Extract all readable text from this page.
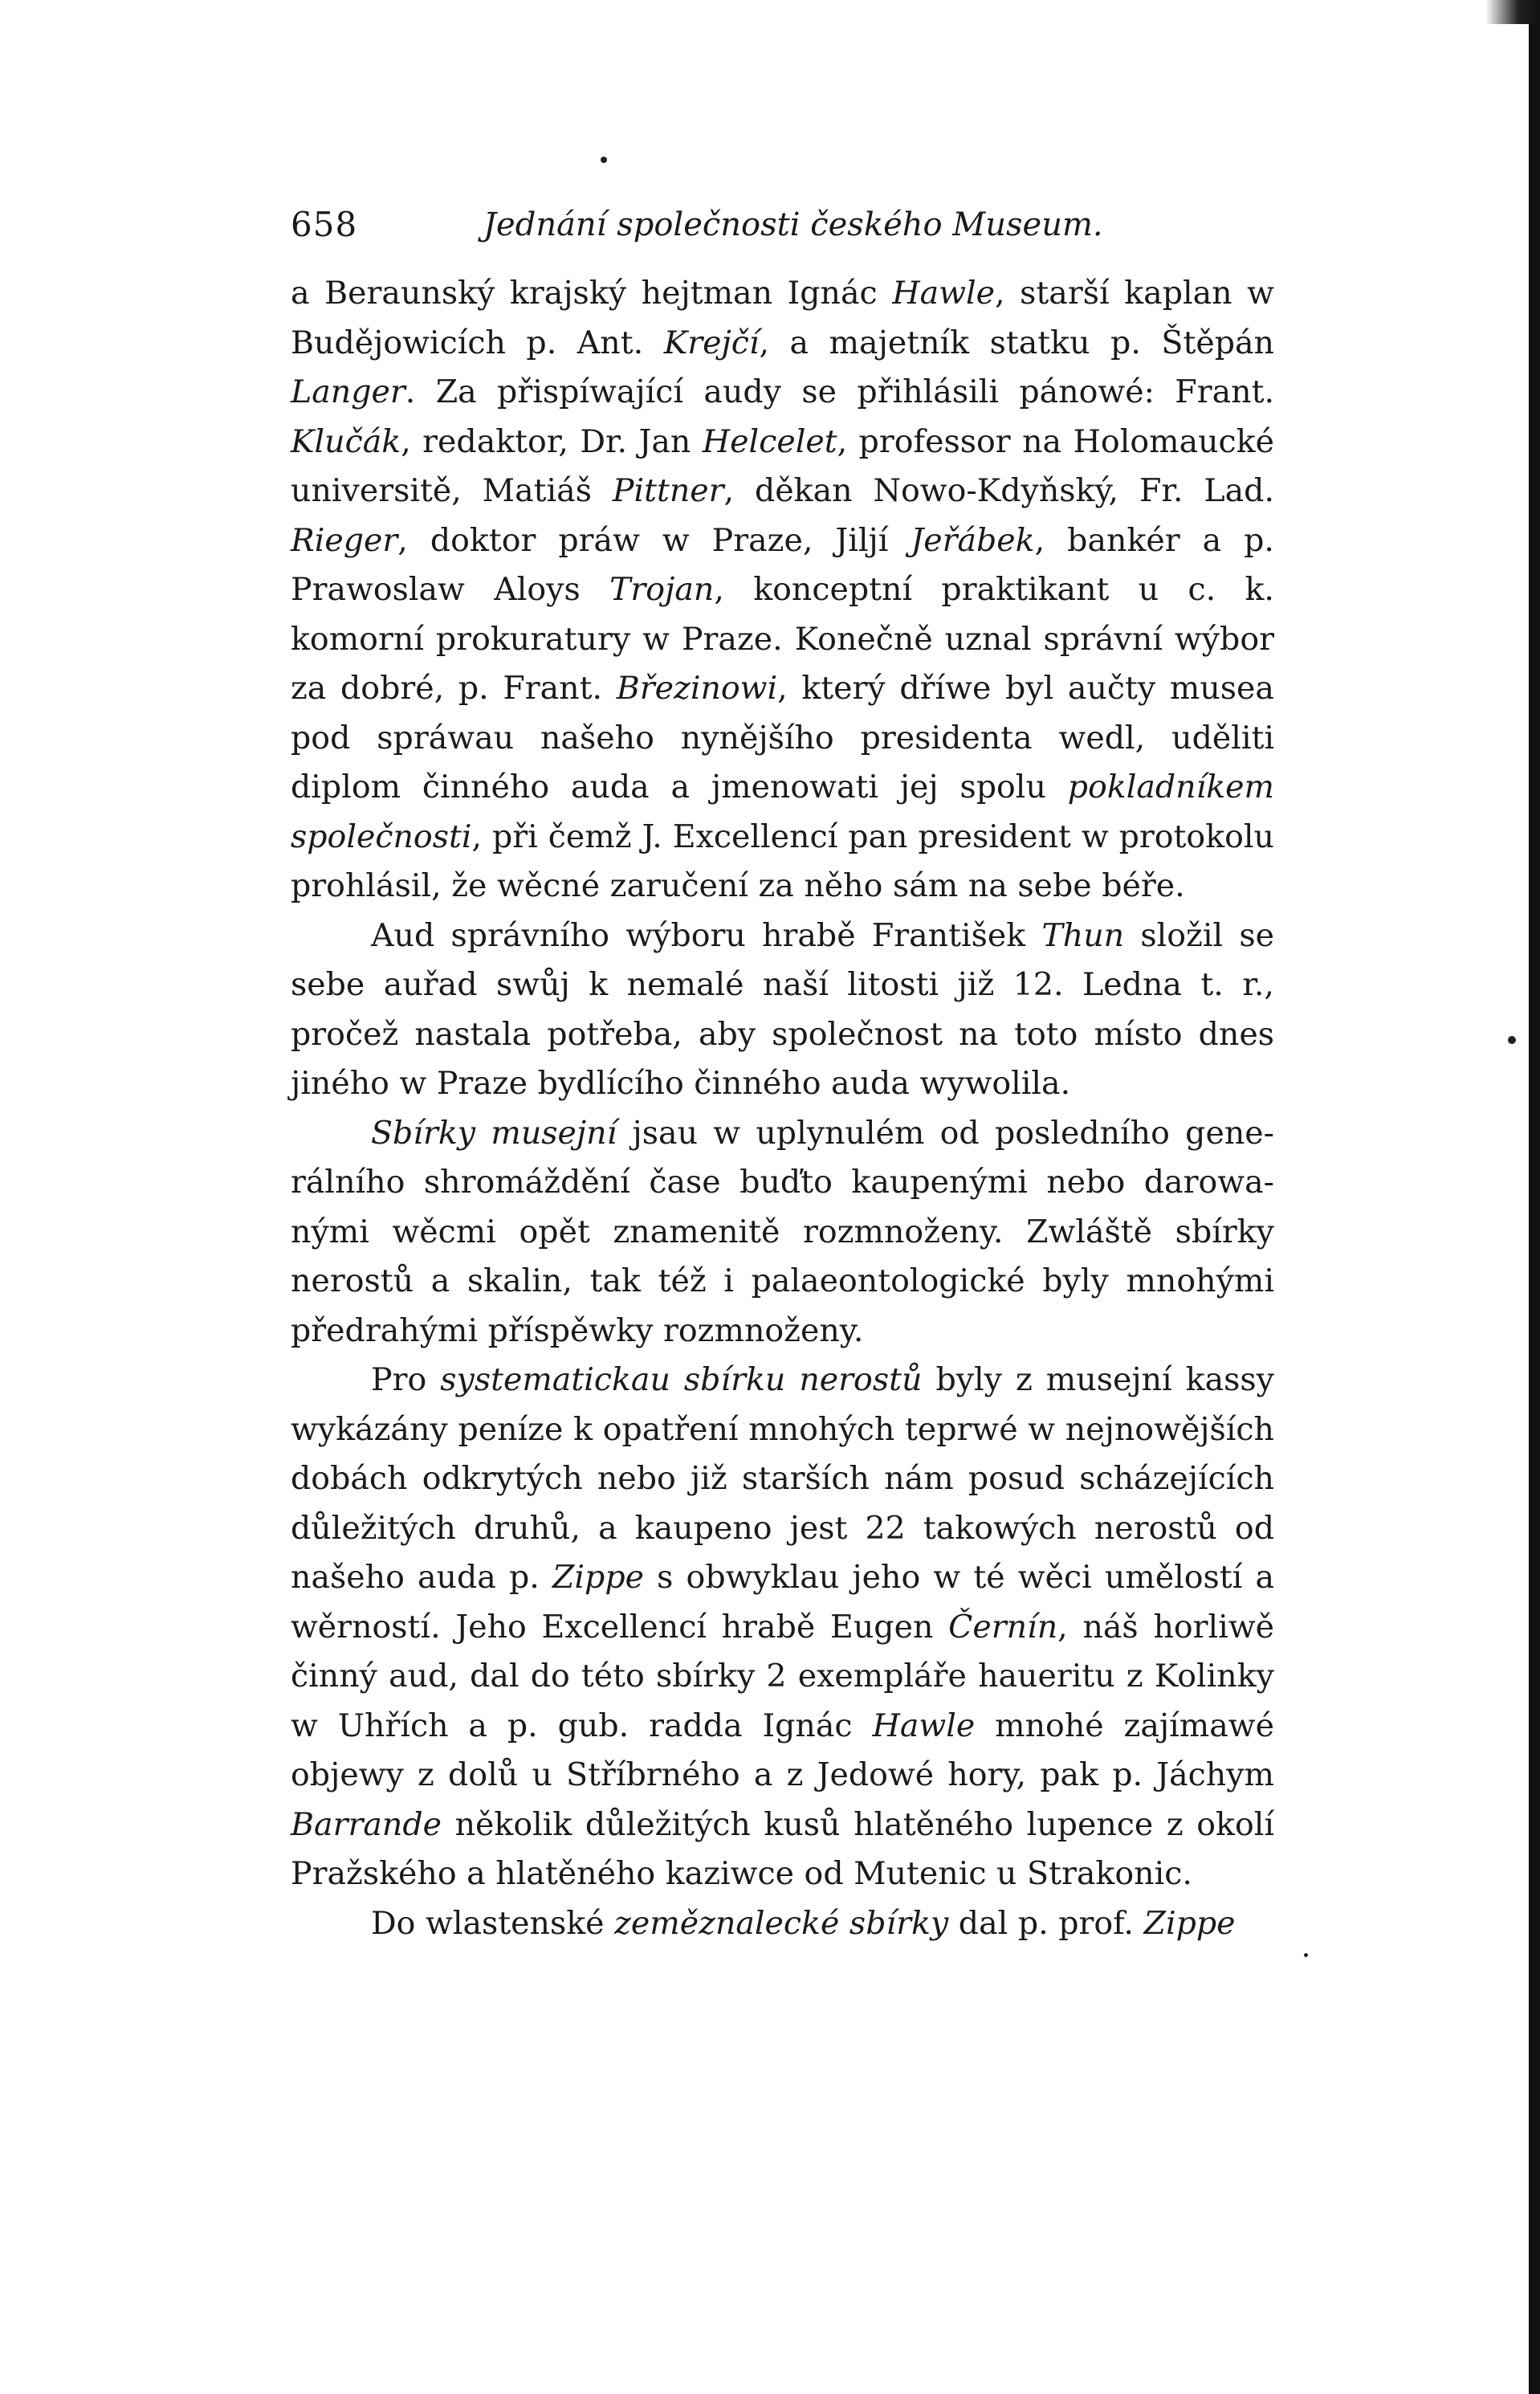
658	Jednání společnosti českého Museum.

a Beraunský krajský hejtman Ignác Hawle, starší kaplan w Budějowicích p. Ant. Krejčí, a majetník statku p. Štěpán Langer. Za přispíwající audy se přihlásili pánowé: Frant. Klučák, redaktor, Dr. Jan Helcelet, professor na Holomaucké universitě, Matiáš Pittner, děkan Nowo-Kdyňský, Fr. Lad. Rieger, doktor práw w Praze, Jiljí Jeřábek, bankér a p. Prawoslaw Aloys Trojan, konceptní praktikant u c. k. komorní prokuratury w Praze. Konečně uznal správní wýbor za dobré, p. Frant. Březinowi, který dříwe byl aučty musea pod spráwau našeho nynějšího presidenta wedl, uděliti diplom činného auda a jmenowati jej spolu pokladníkem společnosti, při čemž J. Excellencí pan president w protokolu prohlásil, že wěcné zaručení za něho sám na sebe béře.

Aud správního wýboru hrabě František Thun složil se sebe auřad swůj k nemalé naší litosti již 12. Ledna t. r., pročež nastala potřeba, aby společnost na toto místo dnes jiného w Praze bydlícího činného auda wywolila.

Sbírky musejní jsau w uplynulém od posledního generálního shromáždění čase buďto kaupenými nebo darowanými wěcmi opět znamenitě rozmnoženy. Zwláště sbírky nerostů a skalin, tak též i palaeontologické byly mnohými předrahými příspěwky rozmnoženy.

Pro systematickau sbírku nerostů byly z musejní kassy wykázány peníze k opatření mnohých teprwé w nejnowějších dobách odkrytých nebo již starších nám posud scházejících důležitých druhů, a kaupeno jest 22 takowých nerostů od našeho auda p. Zippe s obwyklau jeho w té wěci umělostí a wěrností. Jeho Excellencí hrabě Eugen Černín, náš horliwě činný aud, dal do této sbírky 2 exempláře haueritu z Kolinky w Uhřích a p. gub. radda Ignác Hawle mnohé zajímawé objewy z dolů u Stříbrného a z Jedowé hory, pak p. Jáchym Barrande několik důležitých kusů hlatěného lupence z okolí Pražského a hlatěného kaziwce od Mutenic u Strakonic.

Do wlastenské zeměznalecké sbírky dal p. prof. Zippe
